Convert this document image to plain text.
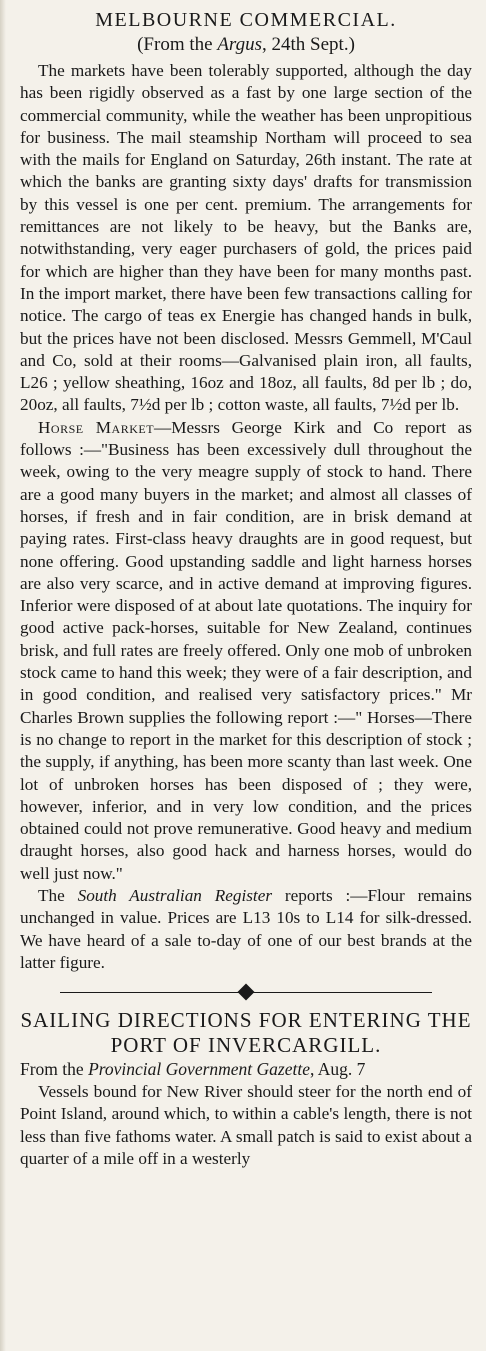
MELBOURNE COMMERCIAL.
(From the Argus, 24th Sept.)

The markets have been tolerably supported, although the day has been rigidly observed as a fast by one large section of the commercial community, while the weather has been unpropitious for business. The mail steamship Northam will proceed to sea with the mails for England on Saturday, 26th instant. The rate at which the banks are granting sixty days' drafts for transmission by this vessel is one per cent. premium. The arrangements for remittances are not likely to be heavy, but the Banks are, notwithstanding, very eager purchasers of gold, the prices paid for which are higher than they have been for many months past. In the import market, there have been few transactions calling for notice. The cargo of teas ex Energie has changed hands in bulk, but the prices have not been disclosed. Messrs Gemmell, M'Caul and Co, sold at their rooms—Galvanised plain iron, all faults, L26 ; yellow sheathing, 16oz and 18oz, all faults, 8d per lb ; do, 20oz, all faults, 7½d per lb ; cotton waste, all faults, 7½d per lb.

Horse Market—Messrs George Kirk and Co report as follows :—"Business has been excessively dull throughout the week, owing to the very meagre supply of stock to hand. There are a good many buyers in the market; and almost all classes of horses, if fresh and in fair condition, are in brisk demand at paying rates. First-class heavy draughts are in good request, but none offering. Good upstanding saddle and light harness horses are also very scarce, and in active demand at improving figures. Inferior were disposed of at about late quotations. The inquiry for good active pack-horses, suitable for New Zealand, continues brisk, and full rates are freely offered. Only one mob of unbroken stock came to hand this week; they were of a fair description, and in good condition, and realised very satisfactory prices." Mr Charles Brown supplies the following report :—" Horses—There is no change to report in the market for this description of stock ; the supply, if anything, has been more scanty than last week. One lot of unbroken horses has been disposed of ; they were, however, inferior, and in very low condition, and the prices obtained could not prove remunerative. Good heavy and medium draught horses, also good hack and harness horses, would do well just now."

The South Australian Register reports :—Flour remains unchanged in value. Prices are L13 10s to L14 for silk-dressed. We have heard of a sale to-day of one of our best brands at the latter figure.

SAILING DIRECTIONS FOR ENTERING THE PORT OF INVERCARGILL.

From the Provincial Government Gazette, Aug. 7

Vessels bound for New River should steer for the north end of Point Island, around which, to within a cable's length, there is not less than five fathoms water. A small patch is said to exist about a quarter of a mile off in a westerly
